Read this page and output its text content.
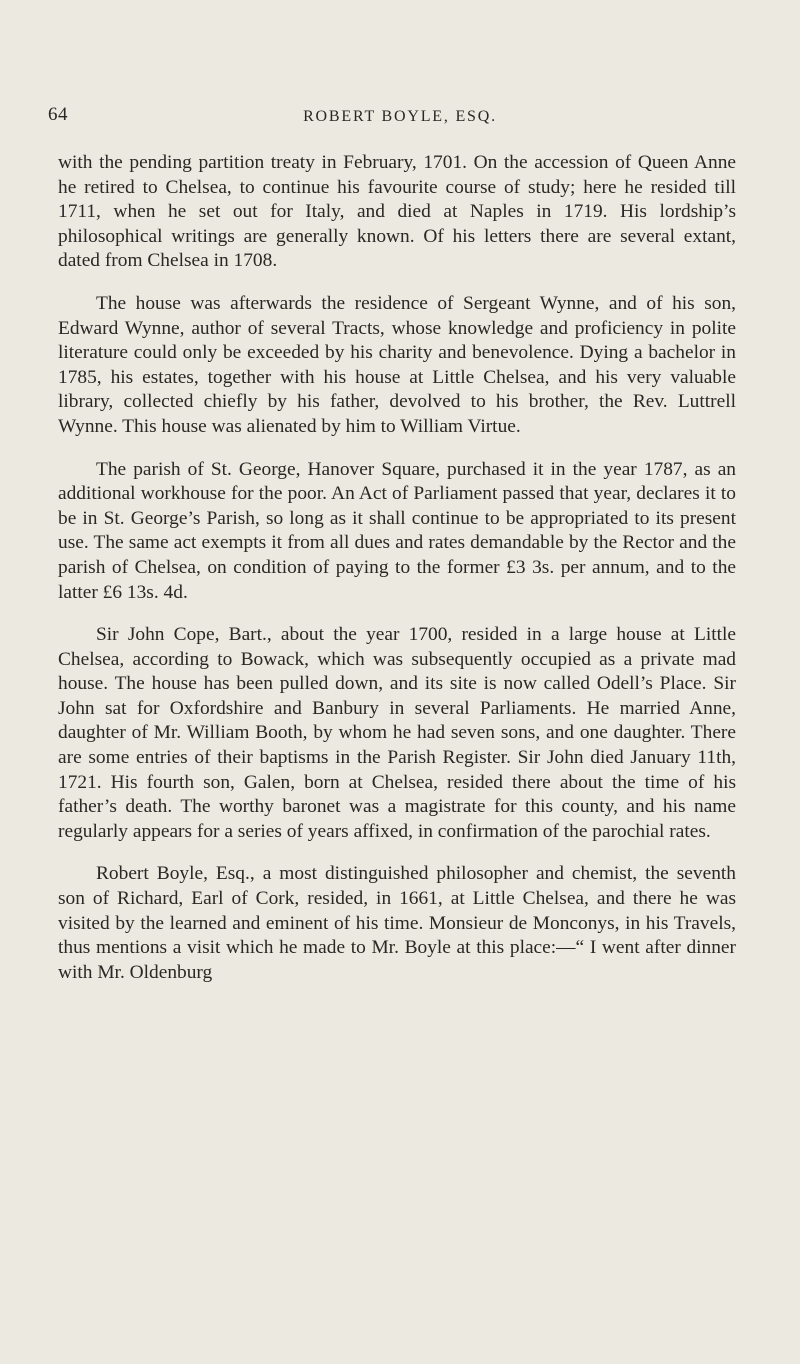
64	ROBERT BOYLE, ESQ.

with the pending partition treaty in February, 1701. On the accession of Queen Anne he retired to Chelsea, to continue his favourite course of study; here he resided till 1711, when he set out for Italy, and died at Naples in 1719. His lordship’s philosophical writings are generally known. Of his letters there are several extant, dated from Chelsea in 1708.

The house was afterwards the residence of Sergeant Wynne, and of his son, Edward Wynne, author of several Tracts, whose knowledge and proficiency in polite literature could only be exceeded by his charity and benevolence. Dying a bachelor in 1785, his estates, together with his house at Little Chelsea, and his very valuable library, collected chiefly by his father, devolved to his brother, the Rev. Luttrell Wynne. This house was alienated by him to William Virtue.

The parish of St. George, Hanover Square, purchased it in the year 1787, as an additional workhouse for the poor. An Act of Parliament passed that year, declares it to be in St. George’s Parish, so long as it shall continue to be appropriated to its present use. The same act exempts it from all dues and rates demandable by the Rector and the parish of Chelsea, on condition of paying to the former £3 3s. per annum, and to the latter £6 13s. 4d.

Sir John Cope, Bart., about the year 1700, resided in a large house at Little Chelsea, according to Bowack, which was subsequently occupied as a private mad house. The house has been pulled down, and its site is now called Odell’s Place. Sir John sat for Oxfordshire and Banbury in several Parliaments. He married Anne, daughter of Mr. William Booth, by whom he had seven sons, and one daughter. There are some entries of their baptisms in the Parish Register. Sir John died January 11th, 1721. His fourth son, Galen, born at Chelsea, resided there about the time of his father’s death. The worthy baronet was a magistrate for this county, and his name regularly appears for a series of years affixed, in confirmation of the parochial rates.

Robert Boyle, Esq., a most distinguished philosopher and chemist, the seventh son of Richard, Earl of Cork, resided, in 1661, at Little Chelsea, and there he was visited by the learned and eminent of his time. Monsieur de Monconys, in his Travels, thus mentions a visit which he made to Mr. Boyle at this place:—“ I went after dinner with Mr. Oldenburg
